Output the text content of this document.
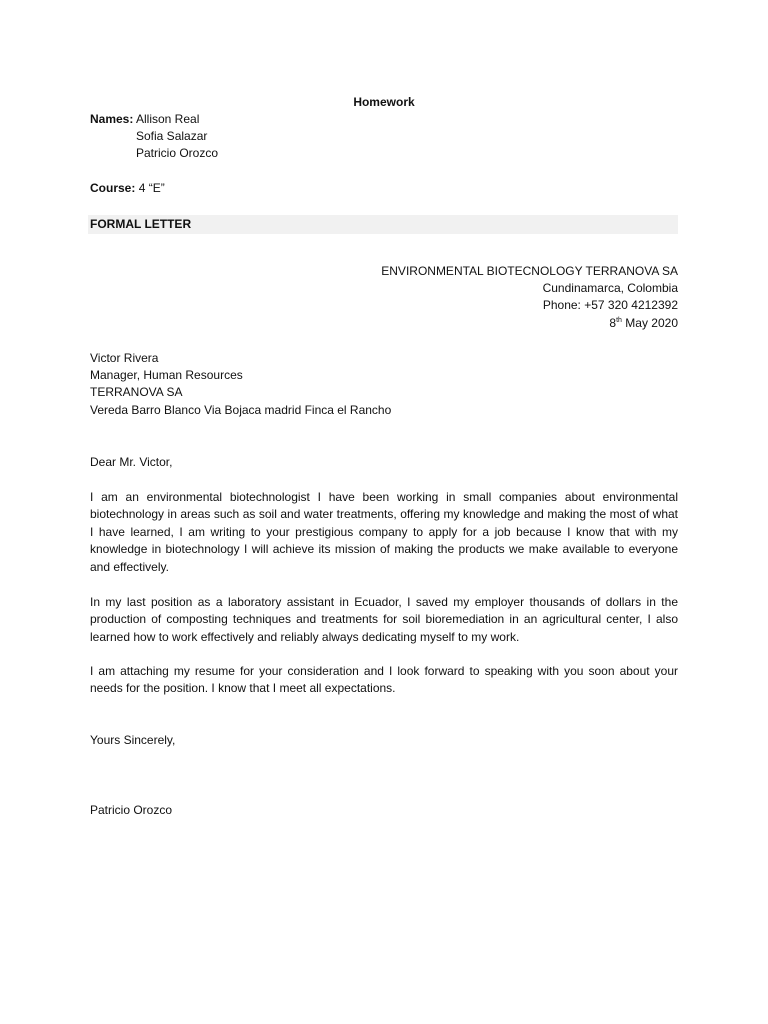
Homework
Names: Allison Real
Sofia Salazar
Patricio Orozco
Course: 4 “E”
FORMAL LETTER
ENVIRONMENTAL BIOTECNOLOGY TERRANOVA SA
Cundinamarca, Colombia
Phone: +57 320 4212392
8th May 2020
Victor Rivera
Manager, Human Resources
TERRANOVA SA
Vereda Barro Blanco Via Bojaca madrid Finca el Rancho
Dear Mr. Victor,
I am an environmental biotechnologist I have been working in small companies about environmental biotechnology in areas such as soil and water treatments, offering my knowledge and making the most of what I have learned, I am writing to your prestigious company to apply for a job because I know that with my knowledge in biotechnology I will achieve its mission of making the products we make available to everyone and effectively.
In my last position as a laboratory assistant in Ecuador, I saved my employer thousands of dollars in the production of composting techniques and treatments for soil bioremediation in an agricultural center, I also learned how to work effectively and reliably always dedicating myself to my work.
I am attaching my resume for your consideration and I look forward to speaking with you soon about your needs for the position. I know that I meet all expectations.
Yours Sincerely,
Patricio Orozco
